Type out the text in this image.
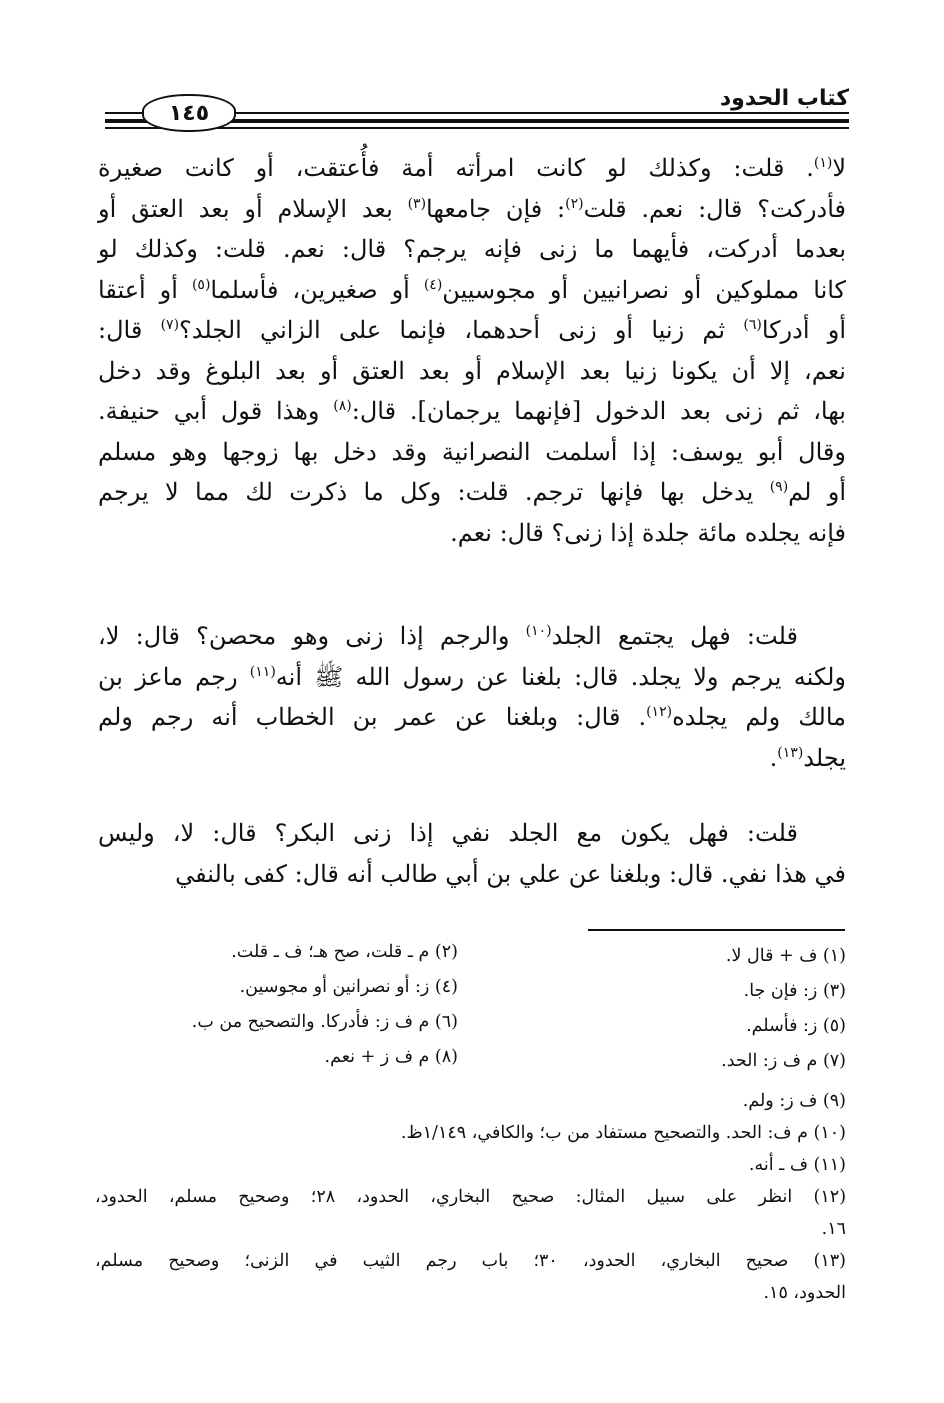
كتاب الحدود
١٤٥
لا$^{(١)}$. قلت: وكذلك لو كانت امرأته أمة فأُعتقت، أو كانت صغيرة
فأدركت؟ قال: نعم. قلت$^{(٢)}$: فإن جامعها$^{(٣)}$ بعد الإسلام أو بعد العتق أو
بعدما أدركت، فأيهما ما زنى فإنه يرجم؟ قال: نعم. قلت: وكذلك لو
كانا مملوكين أو نصرانيين أو مجوسيين$^{(٤)}$ أو صغيرين، فأسلما$^{(٥)}$ أو أعتقا
أو أدركا$^{(٦)}$ ثم زنيا أو زنى أحدهما، فإنما على الزاني الجلد؟$^{(٧)}$ قال:
نعم، إلا أن يكونا زنيا بعد الإسلام أو بعد العتق أو بعد البلوغ وقد دخل
بها، ثم زنى بعد الدخول [فإنهما يرجمان]. قال:$^{(٨)}$ وهذا قول أبي حنيفة.
وقال أبو يوسف: إذا أسلمت النصرانية وقد دخل بها زوجها وهو مسلم
أو لم$^{(٩)}$ يدخل بها فإنها ترجم. قلت: وكل ما ذكرت لك مما لا يرجم
فإنه يجلده مائة جلدة إذا زنى؟ قال: نعم.
قلت: فهل يجتمع الجلد$^{(١٠)}$ والرجم إذا زنى وهو محصن؟ قال: لا،
ولكنه يرجم ولا يجلد. قال: بلغنا عن رسول الله ﷺ أنه$^{(١١)}$ رجم ماعز بن
مالك ولم يجلده$^{(١٢)}$. قال: وبلغنا عن عمر بن الخطاب أنه رجم ولم
يجلد$^{(١٣)}$.
قلت: فهل يكون مع الجلد نفي إذا زنى البكر؟ قال: لا، وليس
في هذا نفي. قال: وبلغنا عن علي بن أبي طالب أنه قال: كفى بالنفي
(١) ف + قال لا.
(٢) م ـ قلت، صح هـ؛ ف ـ قلت.
(٣) ز: فإن جا.
(٤) ز: أو نصرانين أو مجوسين.
(٥) ز: فأسلم.
(٦) م ف ز: فأدركا. والتصحيح من ب.
(٧) م ف ز: الحد.
(٨) م ف ز + نعم.
(٩) ف ز: ولم.
(١٠) م ف: الحد. والتصحيح مستفاد من ب؛ والكافي، ١/١٤٩ظ.
(١١) ف ـ أنه.
(١٢) انظر على سبيل المثال: صحيح البخاري، الحدود، ٢٨؛ وصحيح مسلم، الحدود،
١٦.
(١٣) صحيح البخاري، الحدود، ٣٠؛ باب رجم الثيب في الزنى؛ وصحيح مسلم،
الحدود، ١٥.
